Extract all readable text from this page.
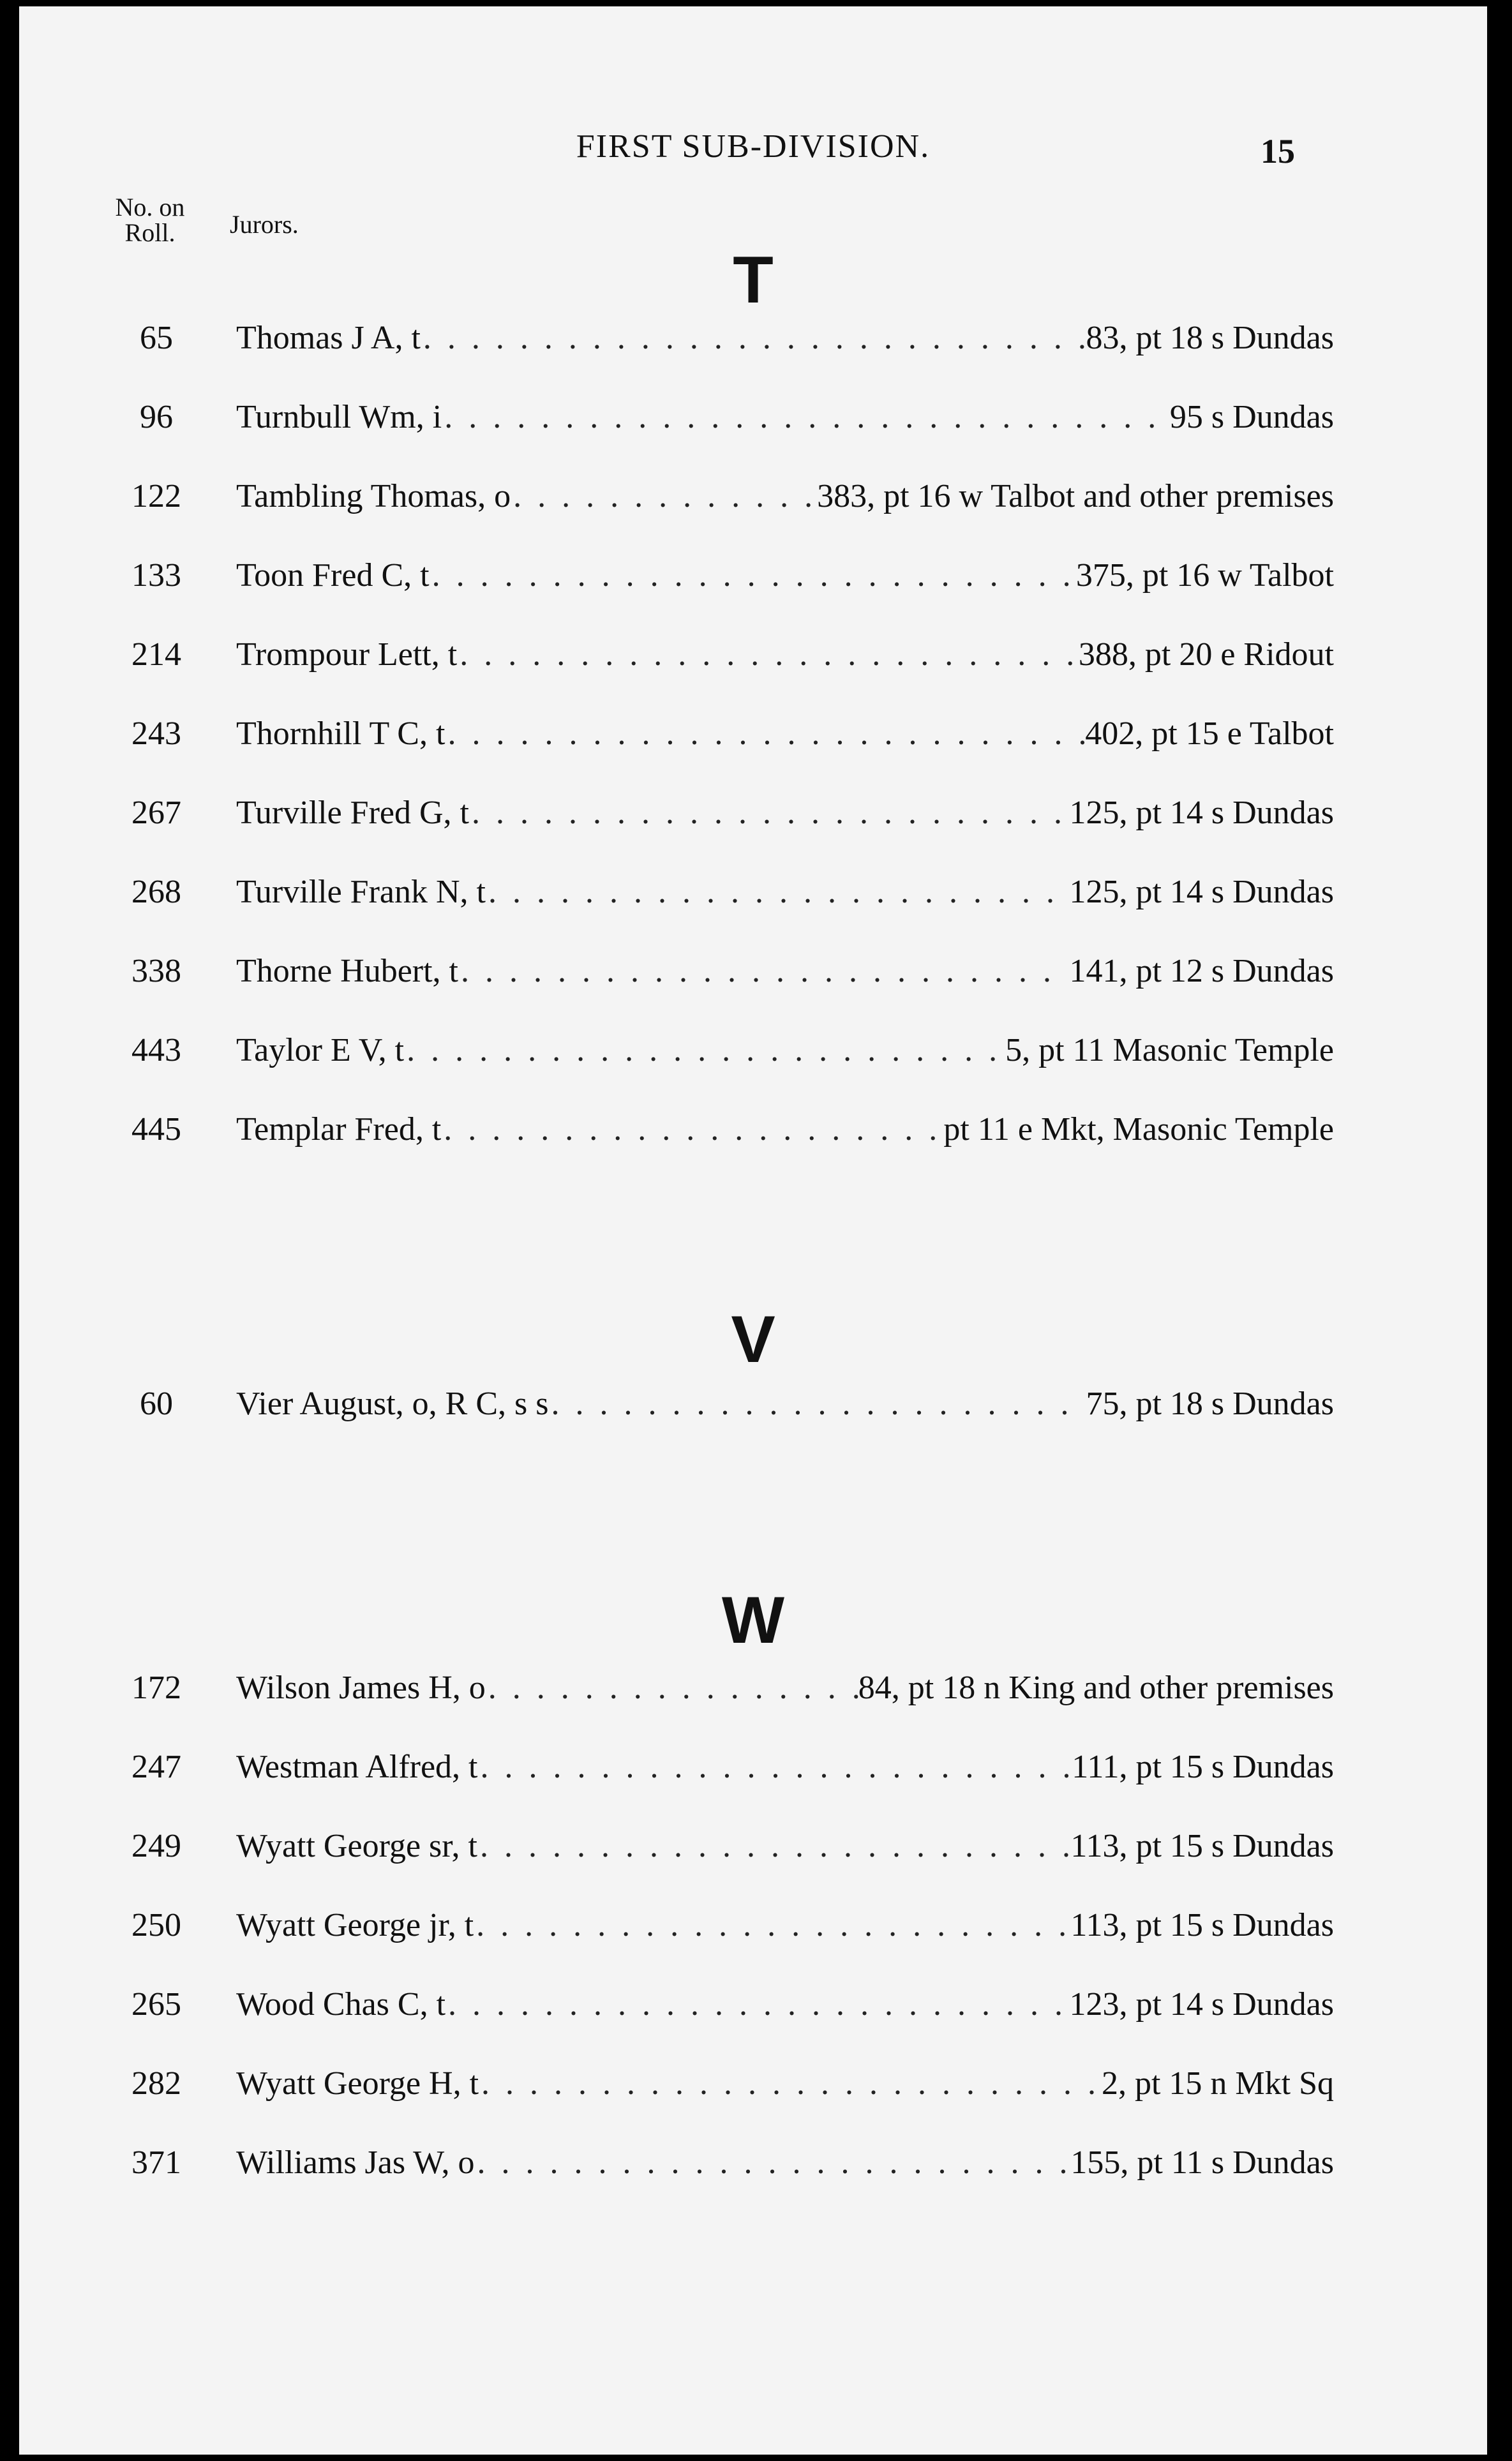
FIRST SUB-DIVISION.	15
No. on
Roll.	Jurors.
T
65	Thomas J A, t . . .	83, pt 18 s Dundas
96	Turnbull Wm, i . . .	95 s Dundas
122	Tambling Thomas, o . . .	383, pt 16 w Talbot and other premises
133	Toon Fred C, t . . .	375, pt 16 w Talbot
214	Trompour Lett, t . . .	388, pt 20 e Ridout
243	Thornhill T C, t . . .	402, pt 15 e Talbot
267	Turville Fred G, t . . .	125, pt 14 s Dundas
268	Turville Frank N, t . . .	125, pt 14 s Dundas
338	Thorne Hubert, t . . .	141, pt 12 s Dundas
443	Taylor E V, t . . .	5, pt 11 Masonic Temple
445	Templar Fred, t . . .	pt 11 e Mkt, Masonic Temple
V
60	Vier August, o, R C, s s . . .	75, pt 18 s Dundas
W
172	Wilson James H, o . . .	84, pt 18 n King and other premises
247	Westman Alfred, t . . .	111, pt 15 s Dundas
249	Wyatt George sr, t . . .	113, pt 15 s Dundas
250	Wyatt George jr, t . . .	113, pt 15 s Dundas
265	Wood Chas C, t . . .	123, pt 14 s Dundas
282	Wyatt George H, t . . .	2, pt 15 n Mkt Sq
371	Williams Jas W, o . . .	155, pt 11 s Dundas
